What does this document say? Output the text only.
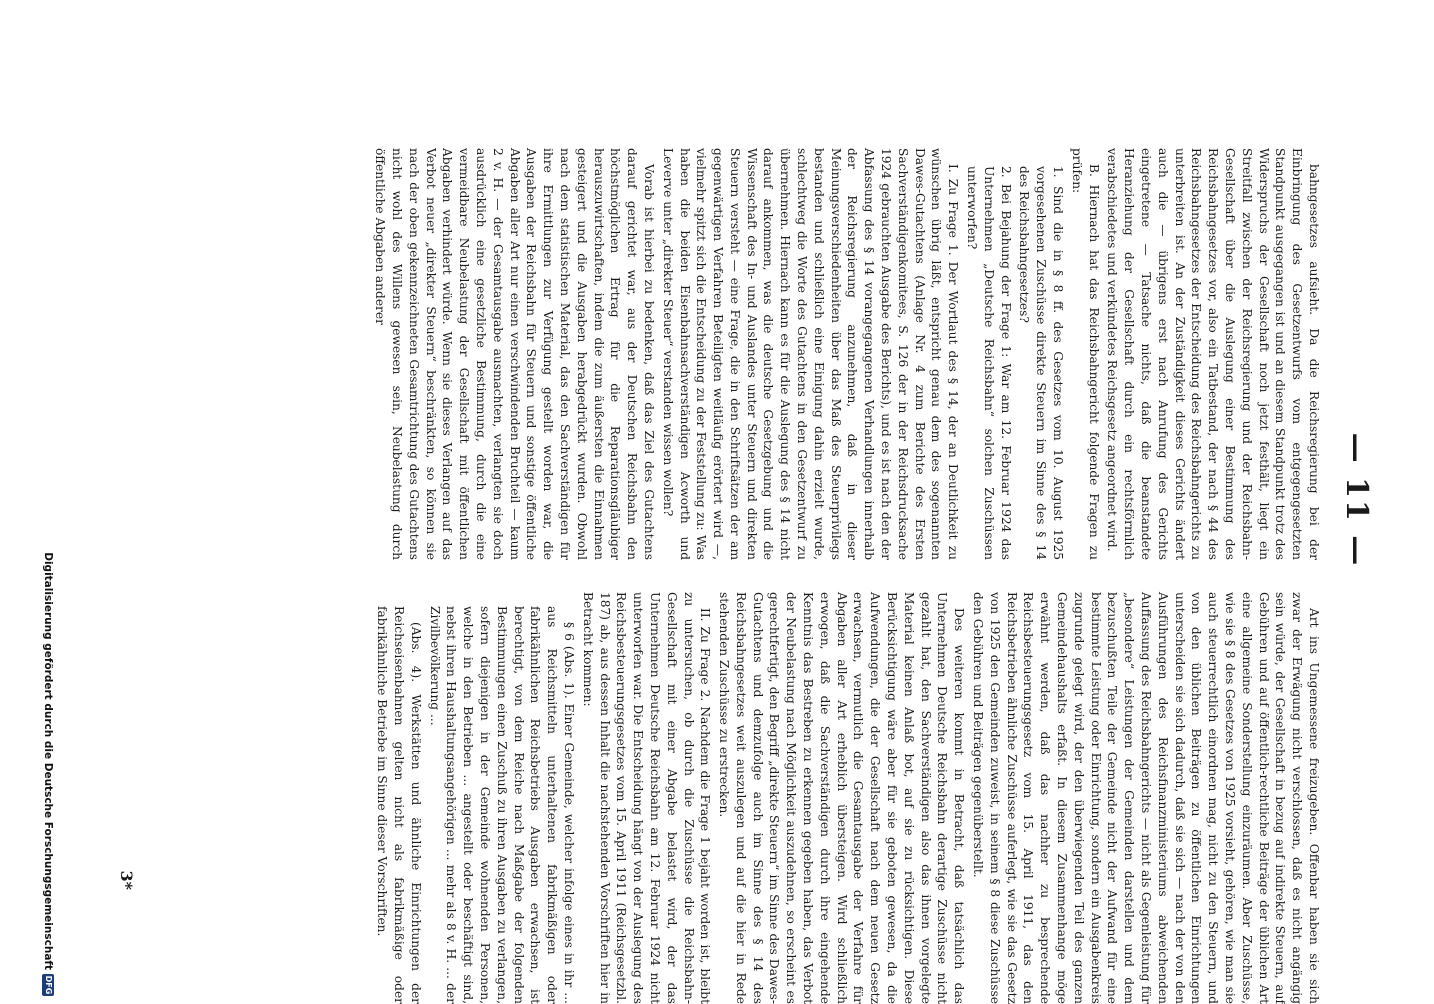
— 11 —

bahngesetzes aufsieht. Da die Reichsregierung bei der Einbringung des Gesetzentwurfs vom entgegengesetzten Standpunkt ausgegangen ist und an diesem Standpunkt trotz des Widerspruchs der Gesellschaft noch jetzt festhält, liegt ein Streitfall zwischen der Reichsregierung und der Reichsbahn-Gesellschaft über die Auslegung einer Bestimmung des Reichsbahngesetzes vor, also ein Tatbestand, der nach § 44 des Reichsbahngesetzes der Entscheidung des Reichsbahngerichts zu unterbreiten ist. An der Zuständigkeit dieses Gerichts ändert auch die — übrigens erst nach Anrufung des Gerichts eingetretene — Tatsache nichts, daß die beanstandete Heranziehung der Gesellschaft durch ein rechtsförmlich verabschiedetes und verkündetes Reichsgesetz angeordnet wird.

B. Hiernach hat das Reichsbahngericht folgende Fragen zu prüfen:

1. Sind die in § 8 ff. des Gesetzes vom 10. August 1925 vorgesehenen Zuschüsse direkte Steuern im Sinne des § 14 des Reichsbahngesetzes?

2. Bei Bejahung der Frage 1: War am 12. Februar 1924 das Unternehmen „Deutsche Reichsbahn“ solchen Zuschüssen unterworfen?

I. Zu Frage 1. Der Wortlaut des § 14, der an Deutlichkeit zu wünschen übrig läßt, entspricht genau dem des sogenannten Dawes-Gutachtens (Anlage Nr. 4 zum Berichte des Ersten Sachverständigenkomitees, S. 126 der in der Reichsdrucksache 1924 gebrauchten Ausgabe des Berichts), und es ist nach den der Abfassung des § 14 vorangegangenen Verhandlungen innerhalb der Reichsregierung anzunehmen, daß in dieser Meinungsverschiedenheiten über das Maß des Steuerprivilegs bestanden und schließlich eine Einigung dahin erzielt wurde, schlechtweg die Worte des Gutachtens in den Gesetzentwurf zu übernehmen. Hiernach kann es für die Auslegung des § 14 nicht darauf ankommen, was die deutsche Gesetzgebung und die Wissenschaft des In- und Auslandes unter Steuern und direkten Steuern versteht — eine Frage, die in den Schriftsätzen der am gegenwärtigen Verfahren Beteiligten weitläufig erörtert wird —, vielmehr spitzt sich die Entscheidung zu der Feststellung zu: Was haben die beiden Eisenbahnsachverständigen Acworth und Leverve unter „direkter Steuer“ verstanden wissen wollen?

Vorab ist hierbei zu bedenken, daß das Ziel des Gutachtens darauf gerichtet war, aus der Deutschen Reichsbahn den höchstmöglichen Ertrag für die Reparationsgläubiger herauszuwirtschaften, indem die zum äußersten die Einnahmen gesteigert und die Ausgaben herabgedrückt wurden. Obwohl nach dem statistischen Material, das den Sachverständigen für ihre Ermittlungen zur Verfügung gestellt worden war, die Ausgaben der Reichsbahn für Steuern und sonstige öffentliche Abgaben aller Art nur einen verschwindenden Bruchteil — kaum 2 v. H. — der Gesamtausgabe ausmachten, verlangten sie doch ausdrücklich eine gesetzliche Bestimmung, durch die eine vermeidbare Neubelastung der Gesellschaft mit öffentlichen Abgaben verhindert würde. Wenn sie dieses Verlangen auf das Verbot neuer „direkter Steuern“ beschränkten, so können sie nach der oben gekennzeichneten Gesamtrichtung des Gutachtens nicht wohl des Willens gewesen sein, Neubelastung durch öffentliche Abgaben anderer

Art ins Ungemessene freizugeben. Offenbar haben sie sich zwar der Erwägung nicht verschlossen, daß es nicht angängig sein würde, der Gesellschaft in bezug auf indirekte Steuern, auf Gebühren und auf öffentlich-rechtliche Beiträge der üblichen Art eine allgemeine Sonderstellung einzuräumen. Aber Zuschüsse, wie sie § 8 des Gesetzes von 1925 vorsieht, gehören, wie man sie auch steuerrechtlich einordnen mag, nicht zu den Steuern, und von den üblichen Beiträgen zu öffentlichen Einrichtungen unterscheiden sie sich dadurch, daß sie sich — nach der von den Ausführungen des Reichsfinanzministeriums abweichenden Auffassung des Reichsbahngerichts — nicht als Gegenleistung für „besondere“ Leistungen der Gemeinden darstellen und dem bezuschußten Teile der Gemeinde nicht der Aufwand für eine bestimmte Leistung oder Einrichtung, sondern ein Ausgabenkreis zugrunde gelegt wird, der den überwiegenden Teil des ganzen Gemeindehaushalts erfaßt. In diesem Zusammenhange möge erwähnt werden, daß das nachher zu besprechende Reichsbesteuerungsgesetz vom 15. April 1911, das den Reichsbetrieben ähnliche Zuschüsse auferlegt, wie sie das Gesetz von 1925 den Gemeinden zuweist, in seinem § 8 diese Zuschüsse den Gebühren und Beiträgen gegenüberstellt.

Des weiteren kommt in Betracht, daß tatsächlich das Unternehmen Deutsche Reichsbahn derartige Zuschüsse nicht gezahlt hat, den Sachverständigen also das ihnen vorgelegte Material keinen Anlaß bot, auf sie zu rücksichtigen. Diese Berücksichtigung wäre aber für sie geboten gewesen, da die Aufwendungen, die der Gesellschaft nach dem neuen Gesetz erwachsen, vermutlich die Gesamtausgabe der Verfahre für Abgaben aller Art erheblich übersteigen. Wird schließlich erwogen, daß die Sachverständigen durch ihre eingehende Kenntnis das Bestreben zu erkennen gegeben haben, das Verbot der Neubelastung nach Möglichkeit auszudehnen, so erscheint es gerechtfertigt, den Begriff „direkte Steuern“ im Sinne des Dawes-Gutachtens und demzufolge auch im Sinne des § 14 des Reichsbahngesetzes weit auszulegen und auf die hier in Rede stehenden Zuschüsse zu erstrecken.

II. Zu Frage 2. Nachdem die Frage 1 bejaht worden ist, bleibt zu untersuchen, ob durch die Zuschüsse die Reichsbahn-Gesellschaft mit einer Abgabe belastet wird, der das Unternehmen Deutsche Reichsbahn am 12. Februar 1924 nicht unterworfen war. Die Entscheidung hängt von der Auslegung des Reichsbesteuerungsgesetzes vom 15. April 1911 (Reichsgesetzbl. 187) ab, aus dessen Inhalt die nachstehenden Vorschriften hier in Betracht kommen:

§ 6 (Abs. 1). Einer Gemeinde, welcher infolge eines in ihr ... aus Reichsmitteln unterhaltenen fabrikmäßigen oder fabrikähnlichen Reichsbetriebs Ausgaben erwachsen, ist berechtigt, von dem Reiche nach Maßgabe der folgenden Bestimmungen einen Zuschuß zu ihren Ausgaben zu verlangen, sofern diejenigen in der Gemeinde wohnenden Personen, welche in den Betrieben ... angestellt oder beschäftigt sind, nebst ihren Haushaltungsangehörigen ... mehr als 8 v. H. ... der Zivilbevölkerung ...

(Abs. 4). Werkstätten und ähnliche Einrichtungen der Reichseisenbahnen gelten nicht als fabrikmäßige oder fabrikähnliche Betriebe im Sinne dieser Vorschriften.

3*
Digitalisierung gefördert durch die Deutsche Forschungsgemeinschaft
DFG
